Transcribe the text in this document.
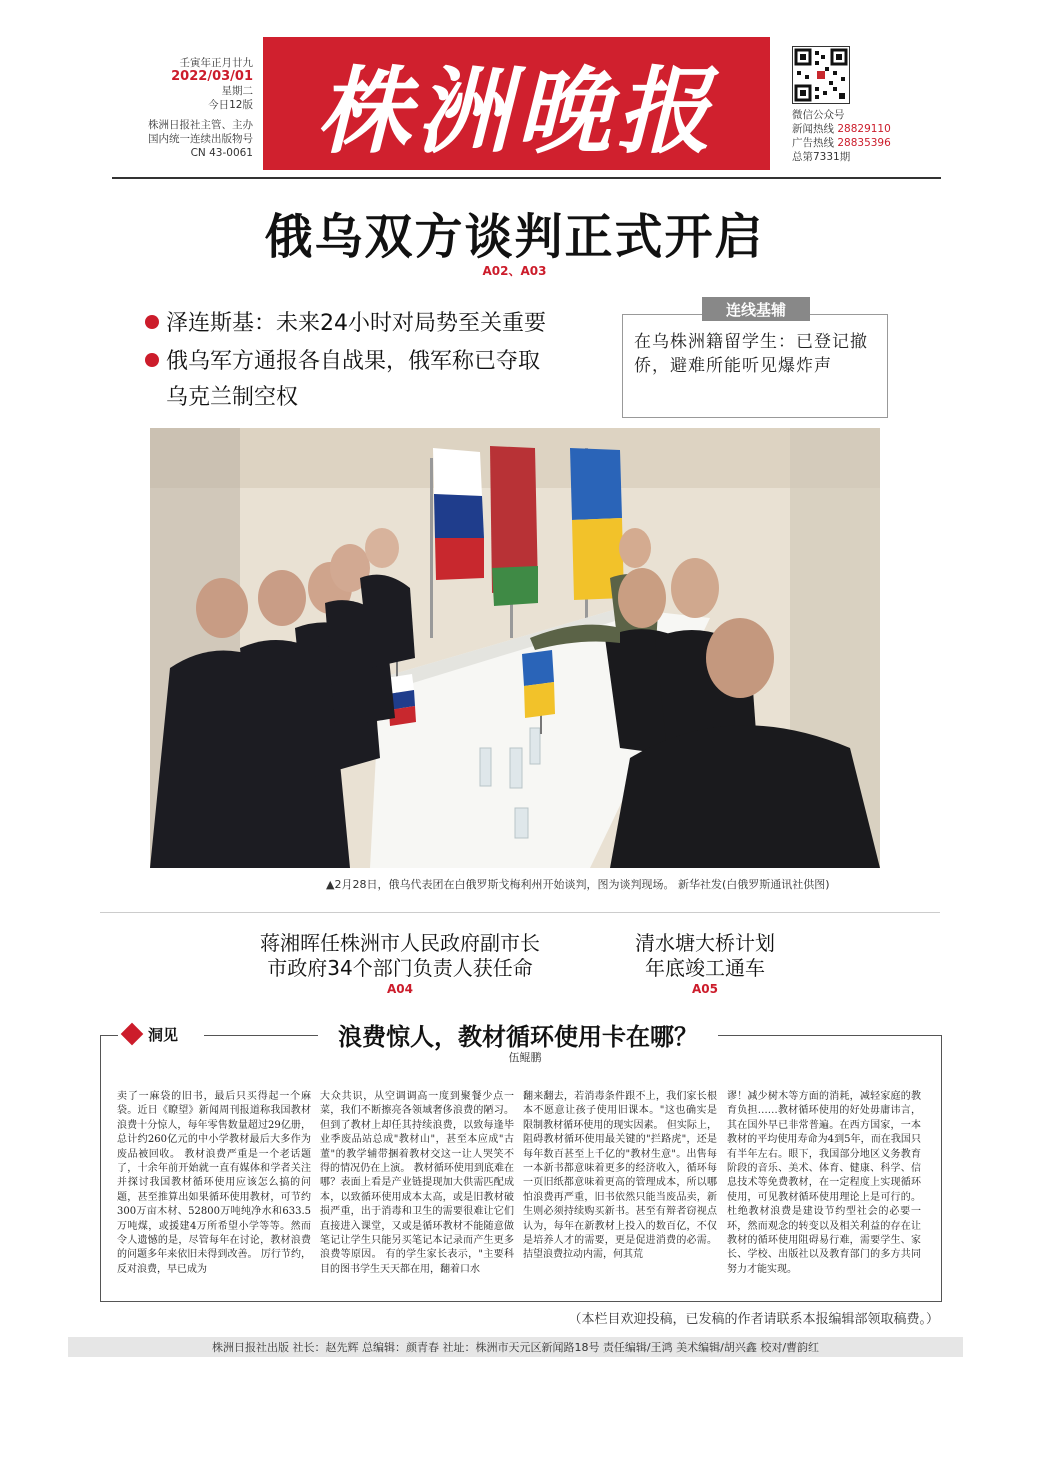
壬寅年正月廿九
2022/03/01
星期二
今日12版
株洲日报社主管、主办
国内统一连续出版物号
CN 43-0061 株洲晚报	微信公众号
新闻热线 28829110
广告热线 28835396
总第7331期
俄乌双方谈判正式开启
A02、A03
泽连斯基：未来24小时对局势至关重要
俄乌军方通报各自战果，俄军称已夺取
乌克兰制空权
连线基辅
在乌株洲籍留学生：已登记撤侨，避难所能听见爆炸声
▲2月28日，俄乌代表团在白俄罗斯戈梅利州开始谈判，图为谈判现场。 新华社发(白俄罗斯通讯社供图)
蒋湘晖任株洲市人民政府副市长
市政府34个部门负责人获任命
A04
清水塘大桥计划
年底竣工通车
A05
洞见	浪费惊人，教材循环使用卡在哪？
伍鲲鹏
卖了一麻袋的旧书，最后只买得起一个麻袋。近日《瞭望》新闻周刊报道称我国教材浪费十分惊人，每年零售数量超过29亿册，总计约260亿元的中小学教材最后大多作为废品被回收。 教材浪费严重是一个老话题了，十余年前开始就一直有媒体和学者关注并探讨我国教材循环使用应该怎么搞的问题，甚至推算出如果循环使用教材，可节约300万亩木材、52800万吨纯净水和633.5万吨煤，或援建4万所希望小学等等。然而令人遗憾的是，尽管每年在讨论，教材浪费的问题多年来依旧未得到改善。 厉行节约，反对浪费，早已成为
大众共识，从空调调高一度到聚餐少点一菜，我们不断擦亮各领域奢侈浪费的陋习。但到了教材上却任其持续浪费，以致每逢毕业季废品站总成"教材山"，甚至本应成"古董"的教学辅带捆着教材交这一让人哭笑不得的情况仍在上演。 教材循环使用到底难在哪？表面上看是产业链提现加大供需匹配成本，以致循环使用成本太高，或是旧教材破损严重，出于消毒和卫生的需要很难让它们直接进入课堂，又或是循环教材不能随意做笔记让学生只能另买笔记本记录而产生更多浪费等原因。 有的学生家长表示，"主要科目的图书学生天天都在用，翻着口水
翻来翻去，若消毒条件跟不上，我们家长根本不愿意让孩子使用旧课本。"这也确实是限制教材循环使用的现实因素。 但实际上，阻碍教材循环使用最关键的"拦路虎"，还是每年数百甚至上千亿的"教材生意"。出售每一本新书都意味着更多的经济收入，循环每一页旧纸都意味着更高的管理成本，所以哪怕浪费再严重，旧书依然只能当废品卖，新生则必须持续购买新书。甚至有辩者窃视点认为，每年在新教材上投入的数百亿，不仅是培养人才的需要，更是促进消费的必需。 拮望浪费拉动内需，何其荒
谬！减少树木等方面的消耗，减轻家庭的教育负担……教材循环使用的好处毋庸讳言，其在国外早已非常普遍。在西方国家，一本教材的平均使用寿命为4到5年，而在我国只有半年左右。眼下，我国部分地区义务教育阶段的音乐、美术、体育、健康、科学、信息技术等免费教材，在一定程度上实现循环使用，可见教材循环使用理论上是可行的。 杜绝教材浪费是建设节约型社会的必要一环，然而观念的转变以及相关利益的存在让教材的循环使用阻碍易行难，需要学生、家长、学校、出版社以及教育部门的多方共同努力才能实现。
（本栏目欢迎投稿，已发稿的作者请联系本报编辑部领取稿费。）
株洲日报社出版 社长：赵先辉 总编辑：颜青春 社址：株洲市天元区新闻路18号 责任编辑/王鸿 美术编辑/胡兴鑫 校对/曹韵红
